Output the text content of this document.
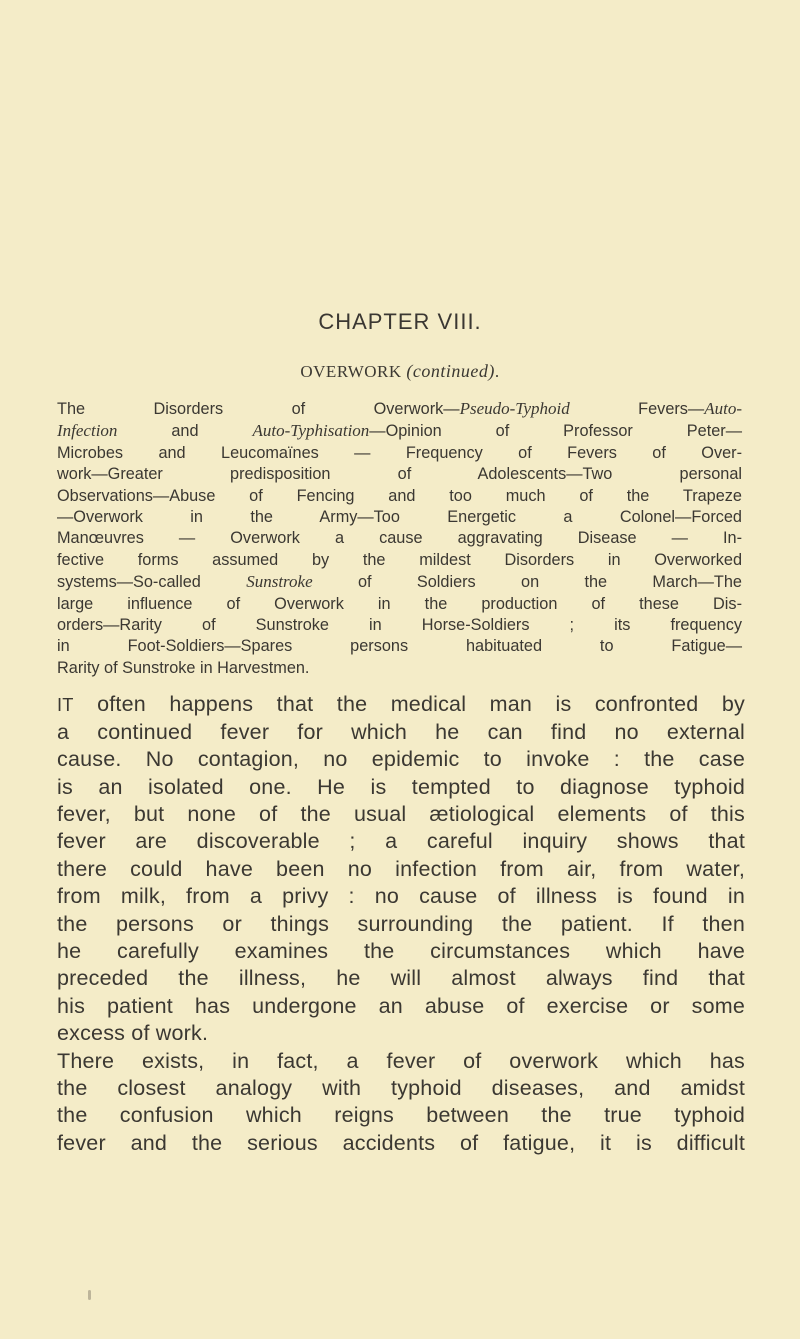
CHAPTER VIII.
OVERWORK (continued).
The Disorders of Overwork—Pseudo-Typhoid Fevers—Auto-
Infection and Auto-Typhisation—Opinion of Professor Peter—
Microbes and Leucomaïnes — Frequency of Fevers of Over-
work—Greater predisposition of Adolescents—Two personal
Observations—Abuse of Fencing and too much of the Trapeze
—Overwork in the Army—Too Energetic a Colonel—Forced
Manœuvres — Overwork a cause aggravating Disease — In-
fective forms assumed by the mildest Disorders in Overworked
systems—So-called Sunstroke of Soldiers on the March—The
large influence of Overwork in the production of these Dis-
orders—Rarity of Sunstroke in Horse-Soldiers ; its frequency
in Foot-Soldiers—Spares persons habituated to Fatigue—
Rarity of Sunstroke in Harvestmen.
IT often happens that the medical man is confronted by
a continued fever for which he can find no external
cause. No contagion, no epidemic to invoke : the case
is an isolated one. He is tempted to diagnose typhoid
fever, but none of the usual ætiological elements of this
fever are discoverable ; a careful inquiry shows that
there could have been no infection from air, from water,
from milk, from a privy : no cause of illness is found in
the persons or things surrounding the patient. If then
he carefully examines the circumstances which have
preceded the illness, he will almost always find that
his patient has undergone an abuse of exercise or some
excess of work.
There exists, in fact, a fever of overwork which has
the closest analogy with typhoid diseases, and amidst
the confusion which reigns between the true typhoid
fever and the serious accidents of fatigue, it is difficult
